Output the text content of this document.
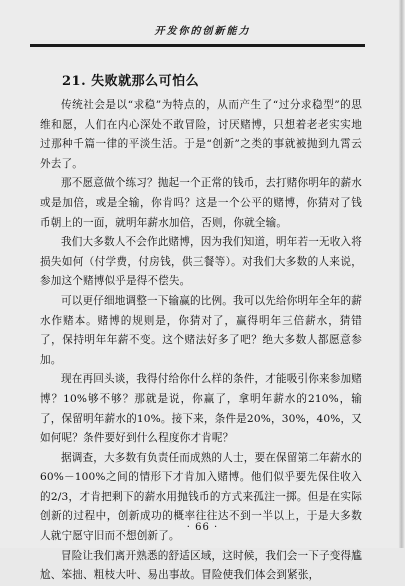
开发你的创新能力
21. 失败就那么可怕么

传统社会是以“求稳”为特点的，从而产生了“过分求稳型”的思维和愿，人们在内心深处不敢冒险，讨厌赌博，只想着老老实实地过那种千篇一律的平淡生活。于是“创新”之类的事就被抛到九霄云外去了。

那不愿意做个练习？抛起一个正常的钱币，去打赌你明年的薪水或是加倍，或是全输，你肯吗？这是一个公平的赌博，你猜对了钱币朝上的一面，就明年薪水加倍，否则，你就全输。

我们大多数人不会作此赌博，因为我们知道，明年若一无收入将损失如何（付学费，付房钱，供三餐等）。对我们大多数的人来说，参加这个赌博似乎是得不偿失。

可以更仔细地调整一下输赢的比例。我可以先给你明年全年的薪水作赌本。赌博的规则是，你猜对了，赢得明年三倍薪水，猜错了，保持明年年薪不变。这个赌法好多了吧？绝大多数人都愿意参加。

现在再回头谈，我得付给你什么样的条件，才能吸引你来参加赌博？10%够不够？那就是说，你赢了，拿明年薪水的210%，输了，保留明年薪水的10%。接下来，条件是20%，30%，40%，又如何呢？条件要好到什么程度你才肯呢？

据调查，大多数有负责任而成熟的人士，要在保留第二年薪水的60%－100%之间的情形下才肯加入赌博。他们似乎要先保住收入的2/3，才肯把剩下的薪水用抛钱币的方式来孤注一掷。但是在实际创新的过程中，创新成功的概率往往达不到一半以上，于是大多数人就宁愿守旧而不想创新了。

冒险让我们离开熟悉的舒适区域，这时候，我们会一下子变得尴尬、笨拙、粗枝大叶、易出事故。冒险使我们体会到紧张，

· 66 ·
